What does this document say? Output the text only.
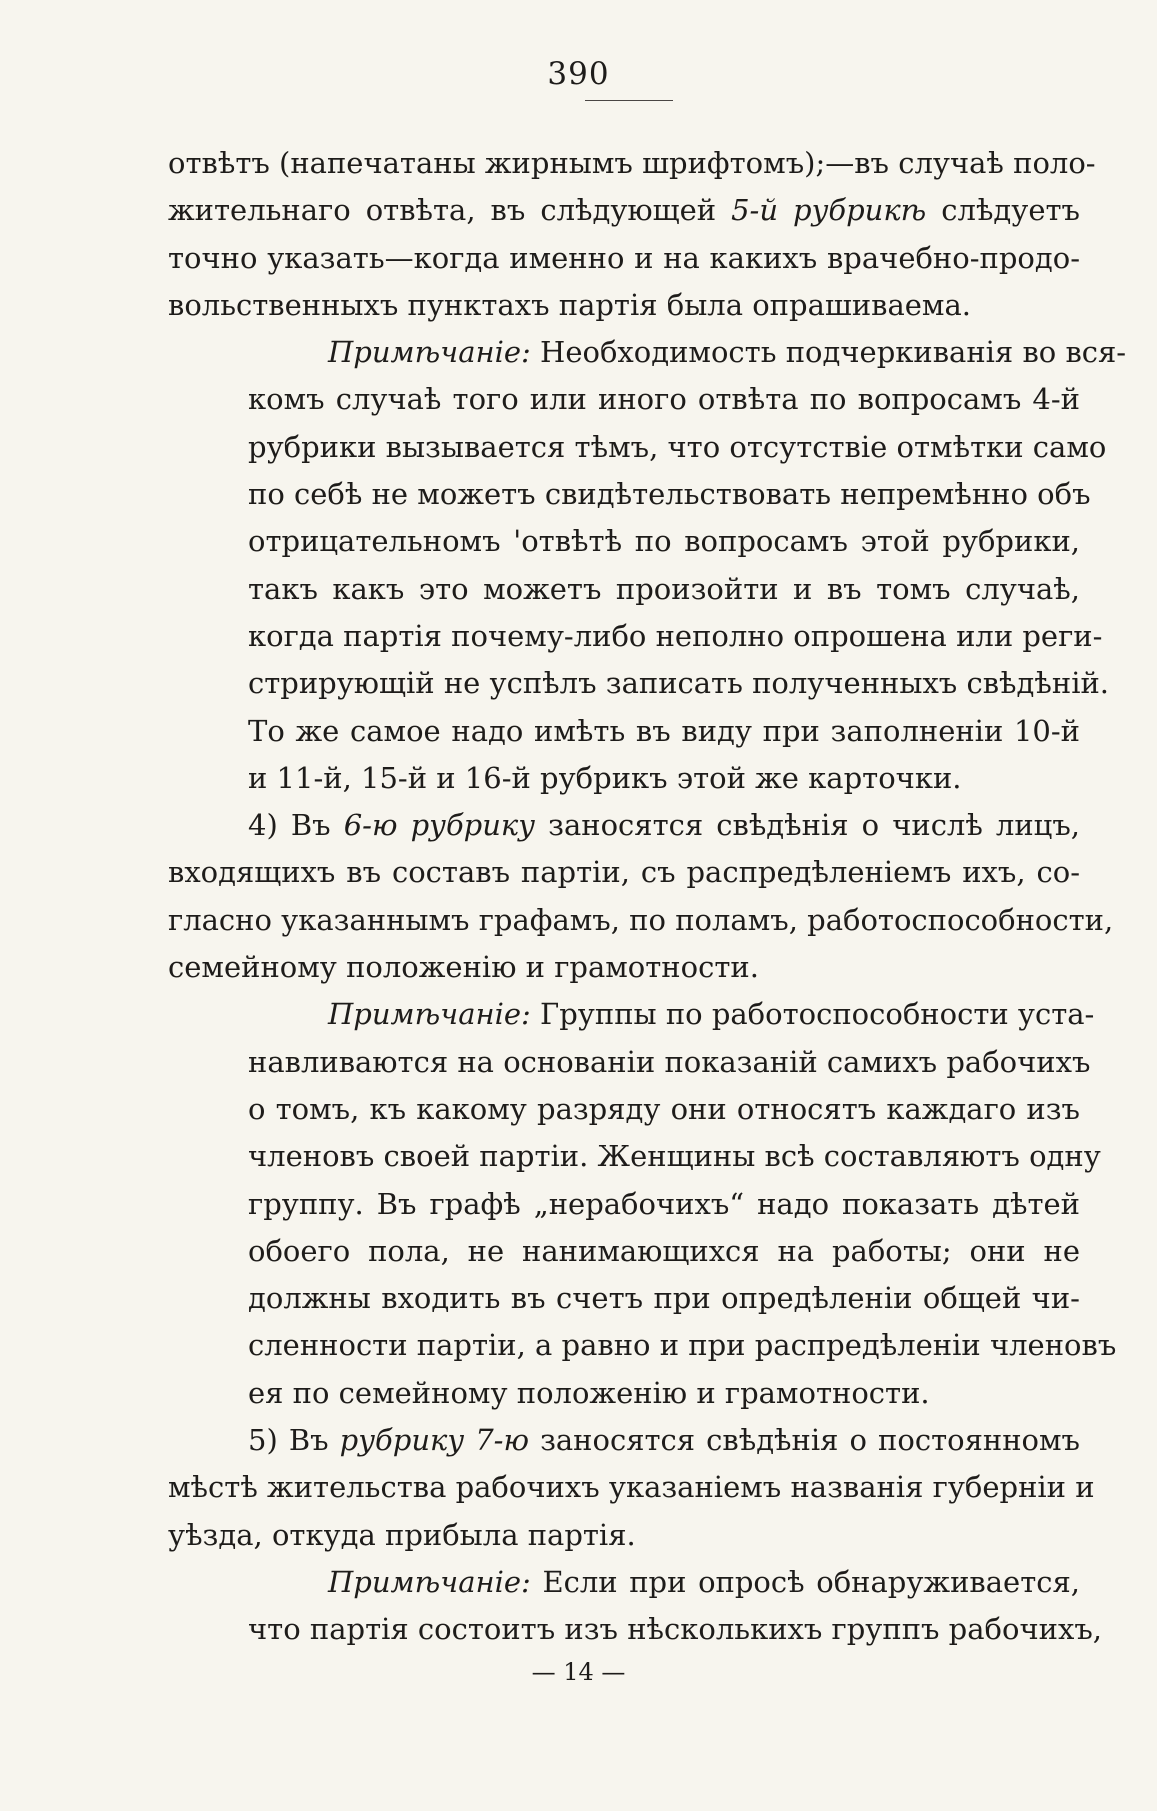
390
отвѣтъ (напечатаны жирнымъ шрифтомъ);—въ случаѣ поло-
жительнаго отвѣта, въ слѣдующей 5-й рубрикѣ слѣдуетъ
точно указать—когда именно и на какихъ врачебно-продо-
вольственныхъ пунктахъ партія была опрашиваема.
Примѣчаніе: Необходимость подчеркиванія во вся-
комъ случаѣ того или иного отвѣта по вопросамъ 4-й
рубрики вызывается тѣмъ, что отсутствіе отмѣтки само
по себѣ не можетъ свидѣтельствовать непремѣнно объ
отрицательномъ 'отвѣтѣ по вопросамъ этой рубрики,
такъ какъ это можетъ произойти и въ томъ случаѣ,
когда партія почему-либо неполно опрошена или реги-
стрирующій не успѣлъ записать полученныхъ свѣдѣній.
То же самое надо имѣть въ виду при заполненіи 10-й
и 11-й, 15-й и 16-й рубрикъ этой же карточки.
4) Въ 6-ю рубрику заносятся свѣдѣнія о числѣ лицъ,
входящихъ въ составъ партіи, съ распредѣленіемъ ихъ, со-
гласно указаннымъ графамъ, по поламъ, работоспособности,
семейному положенію и грамотности.
Примѣчаніе: Группы по работоспособности уста-
навливаются на основаніи показаній самихъ рабочихъ
о томъ, къ какому разряду они относятъ каждаго изъ
членовъ своей партіи. Женщины всѣ составляютъ одну
группу. Въ графѣ „нерабочихъ“ надо показать дѣтей
обоего пола, не нанимающихся на работы; они не
должны входить въ счетъ при опредѣленіи общей чи-
сленности партіи, а равно и при распредѣленіи членовъ
ея по семейному положенію и грамотности.
5) Въ рубрику 7-ю заносятся свѣдѣнія о постоянномъ
мѣстѣ жительства рабочихъ указаніемъ названія губерніи и
уѣзда, откуда прибыла партія.
Примѣчаніе: Если при опросѣ обнаруживается,
что партія состоитъ изъ нѣсколькихъ группъ рабочихъ,
— 14 —
